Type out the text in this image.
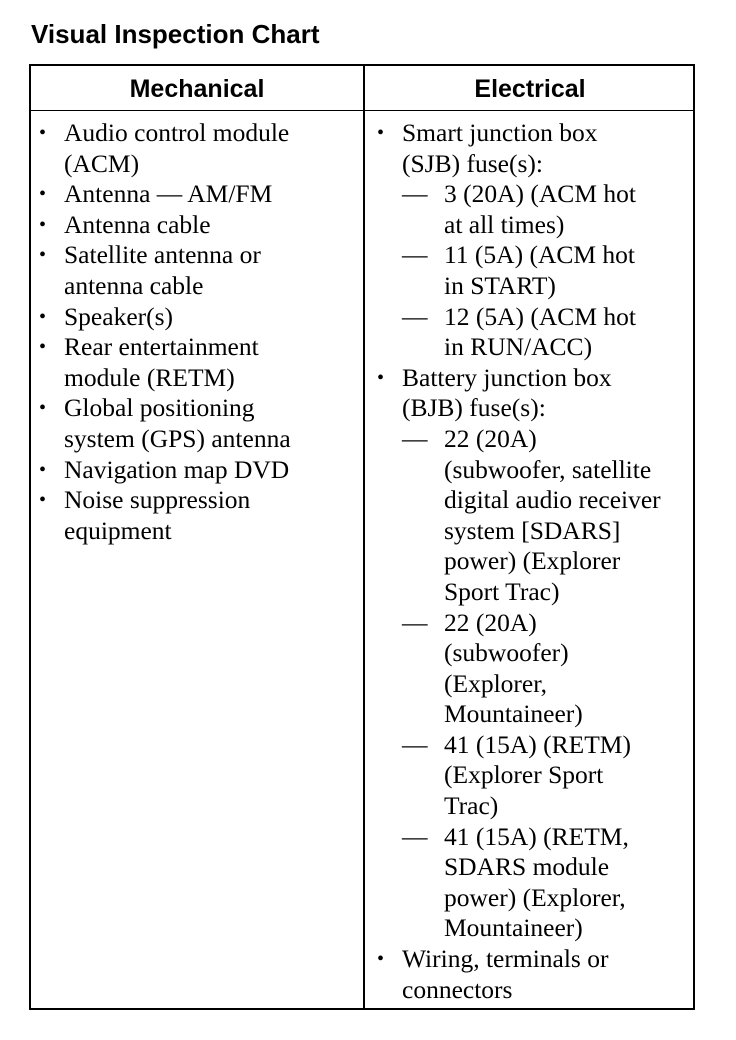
Visual Inspection Chart
Mechanical	Electrical
• Audio control module
(ACM)
• Antenna — AM/FM
• Antenna cable
• Satellite antenna or
antenna cable
• Speaker(s)
• Rear entertainment
module (RETM)
• Global positioning
system (GPS) antenna
• Navigation map DVD
• Noise suppression
equipment
• Smart junction box
(SJB) fuse(s):
— 3 (20A) (ACM hot
at all times)
— 11 (5A) (ACM hot
in START)
— 12 (5A) (ACM hot
in RUN/ACC)
• Battery junction box
(BJB) fuse(s):
— 22 (20A)
(subwoofer, satellite
digital audio receiver
system [SDARS]
power) (Explorer
Sport Trac)
— 22 (20A)
(subwoofer)
(Explorer,
Mountaineer)
— 41 (15A) (RETM)
(Explorer Sport
Trac)
— 41 (15A) (RETM,
SDARS module
power) (Explorer,
Mountaineer)
• Wiring, terminals or
connectors
